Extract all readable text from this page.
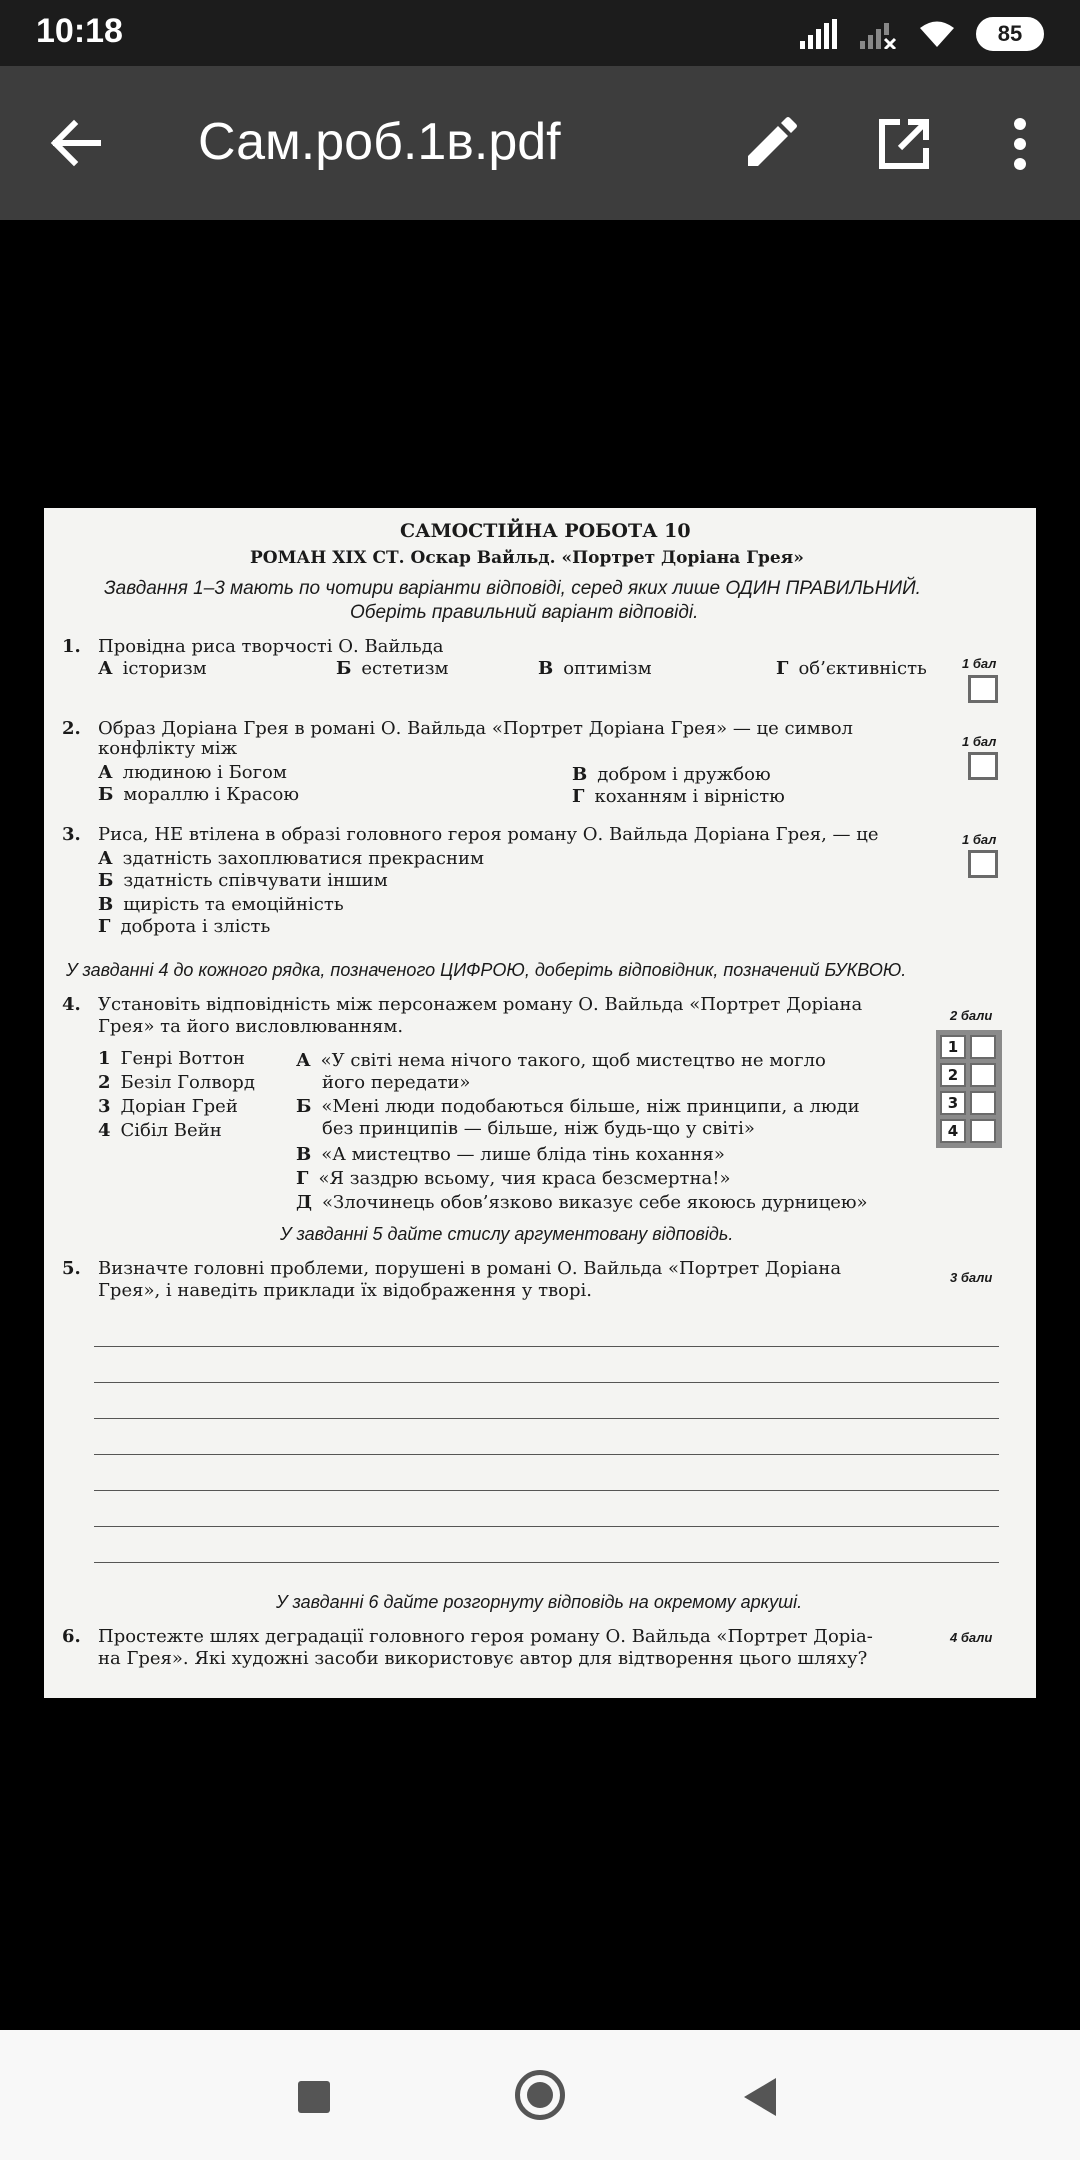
10:18	85
Сам.роб.1в.pdf
САМОСТІЙНА РОБОТА 10
РОМАН XIX СТ. Оскар Вайльд. «Портрет Доріана Грея»
Завдання 1–3 мають по чотири варіанти відповіді, серед яких лише ОДИН ПРАВИЛЬНИЙ.
Оберіть правильний варіант відповіді.
1. Провідна риса творчості О. Вайльда
1 бал
А історизм	Б естетизм	В оптимізм	Г об’єктивність
2. Образ Доріана Грея в романі О. Вайльда «Портрет Доріана Грея» — це символ
конфлікту між	1 бал
А людиною і Богом
Б мораллю і Красою
В добром і дружбою
Г коханням і вірністю
3. Риса, НЕ втілена в образі головного героя роману О. Вайльда Доріана Грея, — це	1 бал
А здатність захоплюватися прекрасним
Б здатність співчувати іншим
В щирість та емоційність
Г доброта і злість
У завданні 4 до кожного рядка, позначеного ЦИФРОЮ, доберіть відповідник, позначений БУКВОЮ.
4. Установіть відповідність між персонажем роману О. Вайльда «Портрет Доріана
Грея» та його висловлюванням.
2 бали
1 Генрі Воттон
2 Безіл Голворд
3 Доріан Грей
4 Сібіл Вейн
А «У світі нема нічого такого, щоб мистецтво не могло
його передати»
Б «Мені люди подобаються більше, ніж принципи, а люди
без принципів — більше, ніж будь-що у світі»
В «А мистецтво — лише бліда тінь кохання»
Г «Я заздрю всьому, чия краса безсмертна!»
Д «Злочинець обов’язково виказує себе якоюсь дурницею»
1
2
3
4
У завданні 5 дайте стислу аргументовану відповідь.
5. Визначте головні проблеми, порушені в романі О. Вайльда «Портрет Доріана
Грея», і наведіть приклади їх відображення у творі.
3 бали
У завданні 6 дайте розгорнуту відповідь на окремому аркуші.
6. Простежте шлях деградації головного героя роману О. Вайльда «Портрет Доріа-
на Грея». Які художні засоби використовує автор для відтворення цього шляху?
4 бали
